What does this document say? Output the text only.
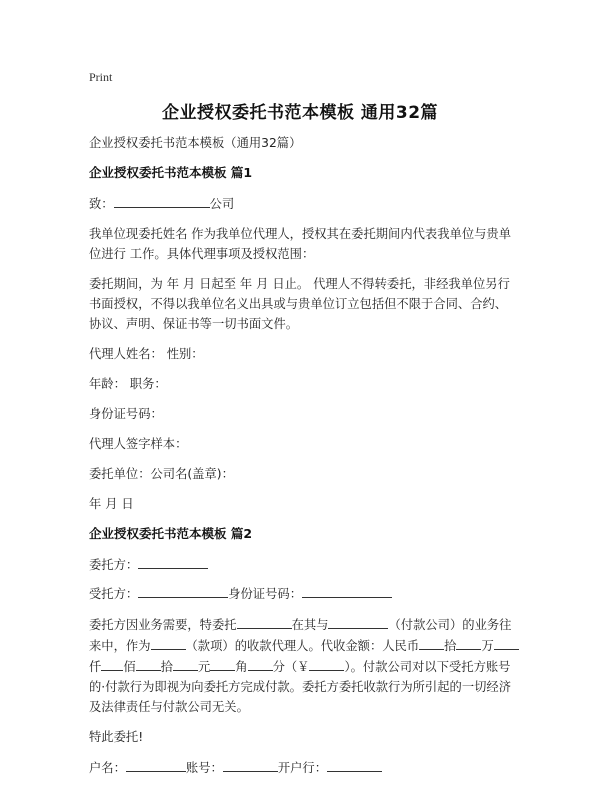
Print
企业授权委托书范本模板 通用32篇

企业授权委托书范本模板（通用32篇）

企业授权委托书范本模板 篇1

致：	公司

我单位现委托姓名 作为我单位代理人，授权其在委托期间内代表我单位与贵单位进行 工作。具体代理事项及授权范围：

委托期间，为 年 月 日起至 年 月 日止。 代理人不得转委托，非经我单位另行书面授权，不得以我单位名义出具或与贵单位订立包括但不限于合同、合约、协议、声明、保证书等一切书面文件。

代理人姓名： 性别：

年龄： 职务：

身份证号码：

代理人签字样本：

委托单位：公司名(盖章)：

年 月 日

企业授权委托书范本模板 篇2

委托方：

受托方：	身份证号码：

委托方因业务需要，特委托	在其与	（付款公司）的业务往来中，作为	（款项）的收款代理人。代收金额：人民币 拾 万仟 佰 拾 元 角 分（￥	）。付款公司对以下受托方账号的·付款行为即视为向委托方完成付款。委托方委托收款行为所引起的一切经济及法律责任与付款公司无关。

特此委托!

户名：	账号：	开户行：
